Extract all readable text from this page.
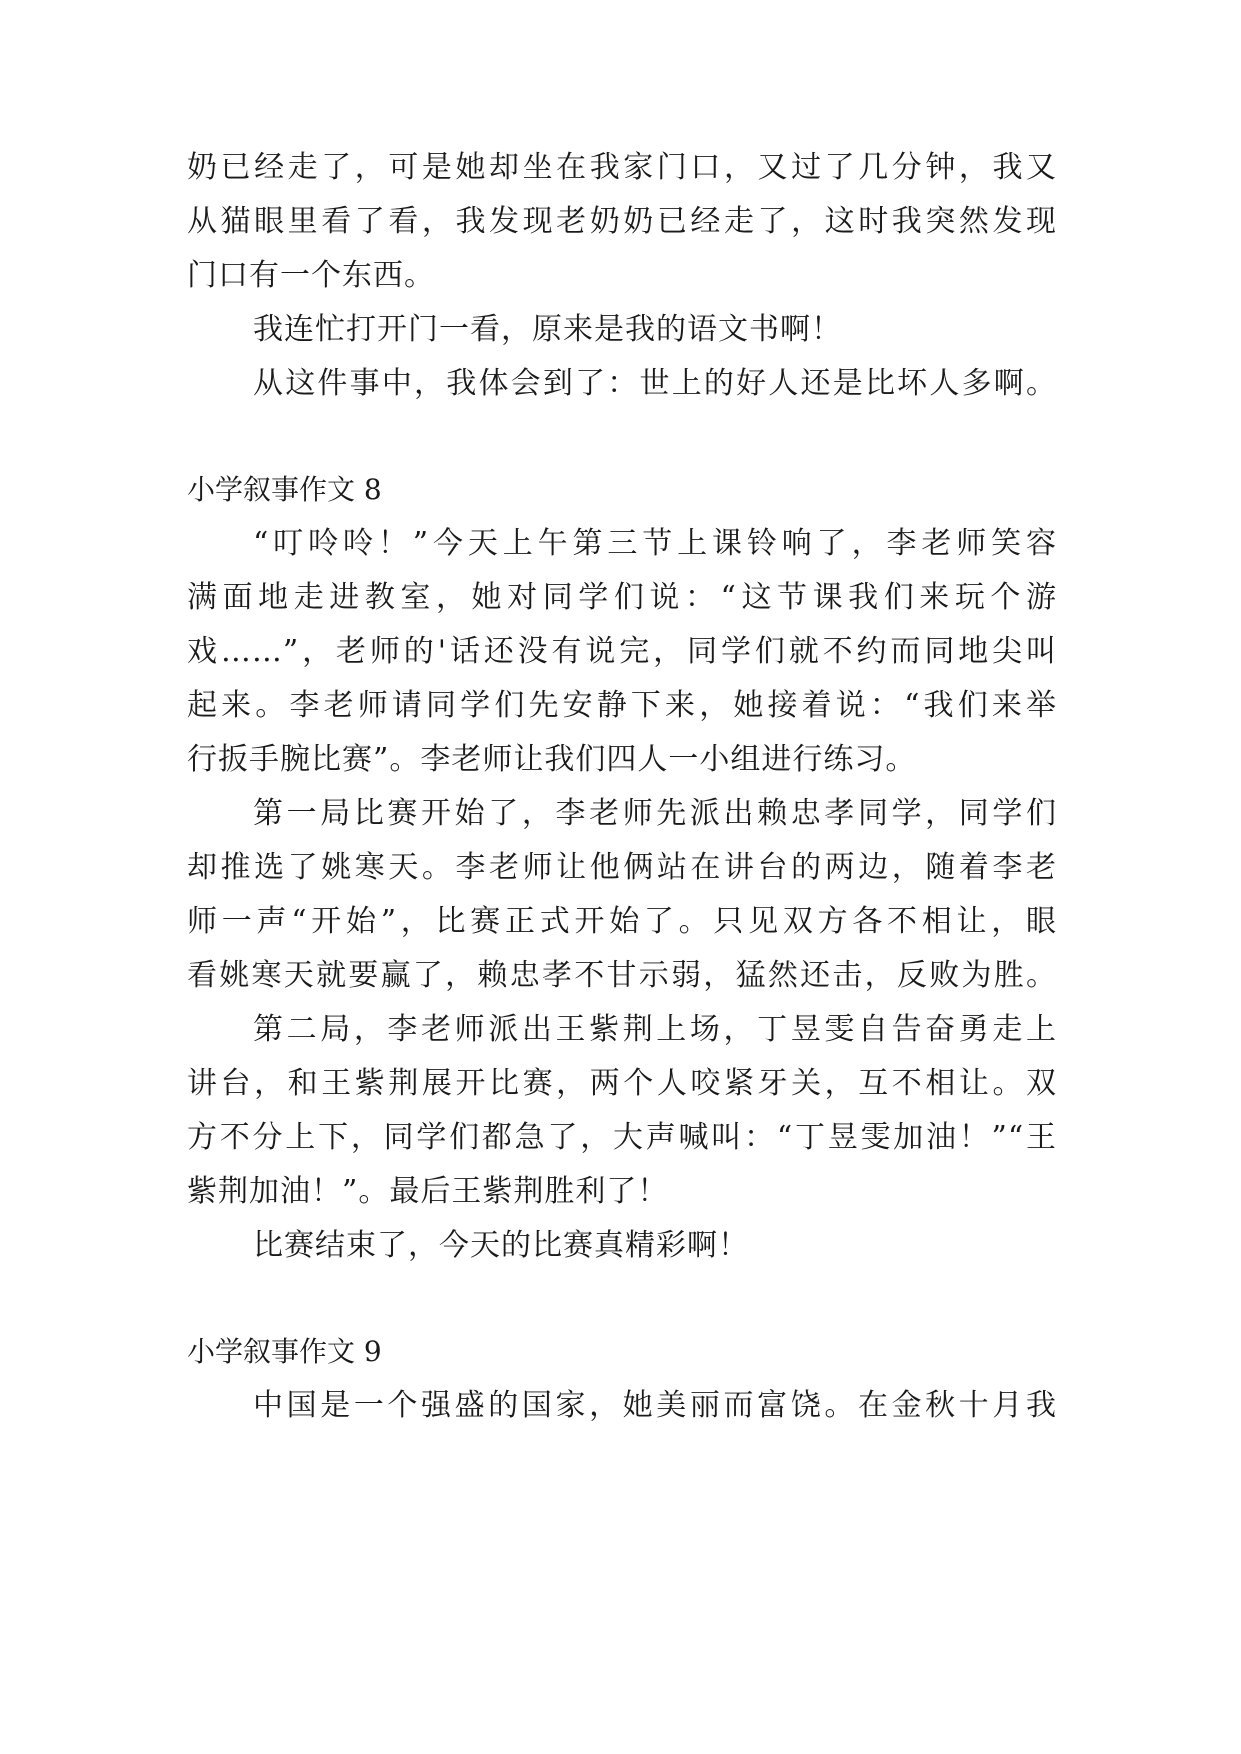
奶已经走了，可是她却坐在我家门口，又过了几分钟，我又
从猫眼里看了看，我发现老奶奶已经走了，这时我突然发现
门口有一个东西。
我连忙打开门一看，原来是我的语文书啊！
从这件事中，我体会到了：世上的好人还是比坏人多啊。
小学叙事作文 8
“叮呤呤！”今天上午第三节上课铃响了，李老师笑容
满面地走进教室，她对同学们说：“这节课我们来玩个游
戏……”，老师的'话还没有说完，同学们就不约而同地尖叫
起来。李老师请同学们先安静下来，她接着说：“我们来举
行扳手腕比赛”。李老师让我们四人一小组进行练习。
第一局比赛开始了，李老师先派出赖忠孝同学，同学们
却推选了姚寒天。李老师让他俩站在讲台的两边，随着李老
师一声“开始”，比赛正式开始了。只见双方各不相让，眼
看姚寒天就要赢了，赖忠孝不甘示弱，猛然还击，反败为胜。
第二局，李老师派出王紫荆上场，丁昱雯自告奋勇走上
讲台，和王紫荆展开比赛，两个人咬紧牙关，互不相让。双
方不分上下，同学们都急了，大声喊叫：“丁昱雯加油！”“王
紫荆加油！”。最后王紫荆胜利了！
比赛结束了，今天的比赛真精彩啊！
小学叙事作文 9
中国是一个强盛的国家，她美丽而富饶。在金秋十月我
